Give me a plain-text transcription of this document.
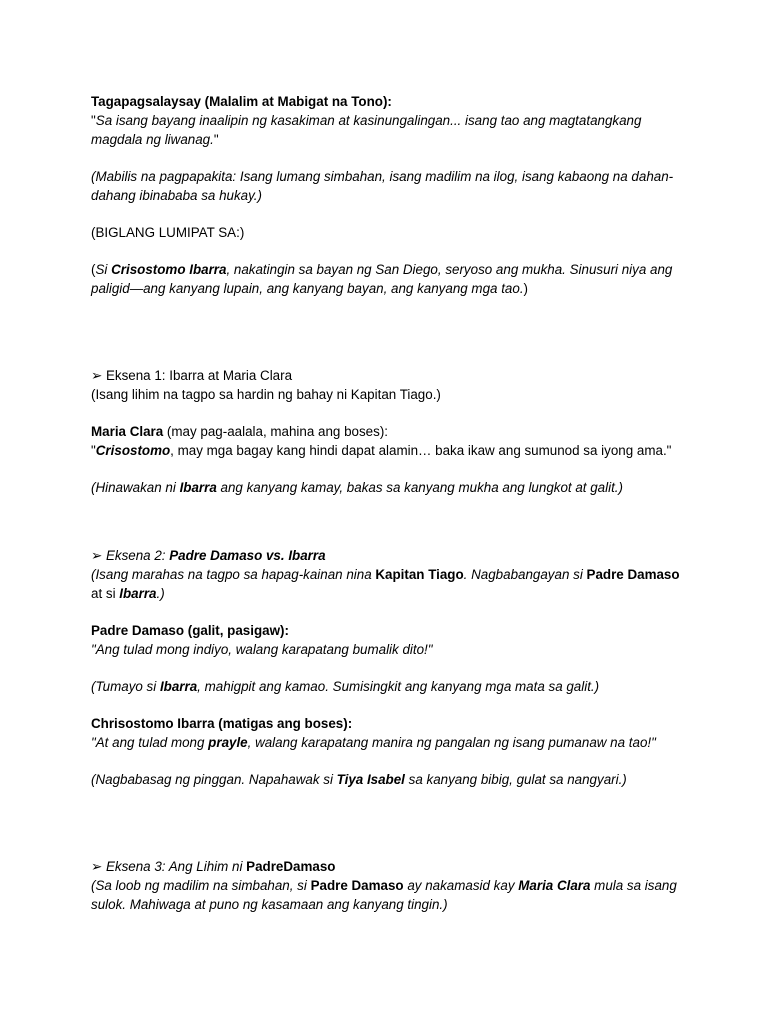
Tagapagsalaysay (Malalim at Mabigat na Tono):

"Sa isang bayang inaalipin ng kasakiman at kasinungalingan... isang tao ang magtatangkang magdala ng liwanag."

(Mabilis na pagpapakita: Isang lumang simbahan, isang madilim na ilog, isang kabaong na dahan-dahang ibinababa sa hukay.)

(BIGLANG LUMIPAT SA:)

(Si Crisostomo Ibarra, nakatingin sa bayan ng San Diego, seryoso ang mukha. Sinusuri niya ang paligid—ang kanyang lupain, ang kanyang bayan, ang kanyang mga tao.)

➢ Eksena 1: Ibarra at Maria Clara

(Isang lihim na tagpo sa hardin ng bahay ni Kapitan Tiago.)

Maria Clara (may pag-aalala, mahina ang boses):

"Crisostomo, may mga bagay kang hindi dapat alamin… baka ikaw ang sumunod sa iyong ama."

(Hinawakan ni Ibarra ang kanyang kamay, bakas sa kanyang mukha ang lungkot at galit.)

➢ Eksena 2: Padre Damaso vs. Ibarra

(Isang marahas na tagpo sa hapag-kainan nina Kapitan Tiago. Nagbabangayan si Padre Damaso at si Ibarra.)

Padre Damaso (galit, pasigaw):

"Ang tulad mong indiyo, walang karapatang bumalik dito!"

(Tumayo si Ibarra, mahigpit ang kamao. Sumisingkit ang kanyang mga mata sa galit.)

Chrisostomo Ibarra (matigas ang boses):

"At ang tulad mong prayle, walang karapatang manira ng pangalan ng isang pumanaw na tao!"

(Nagbabasag ng pinggan. Napahawak si Tiya Isabel sa kanyang bibig, gulat sa nangyari.)

➢ Eksena 3: Ang Lihim ni PadreDamaso

(Sa loob ng madilim na simbahan, si Padre Damaso ay nakamasid kay Maria Clara mula sa isang sulok. Mahiwaga at puno ng kasamaan ang kanyang tingin.)
